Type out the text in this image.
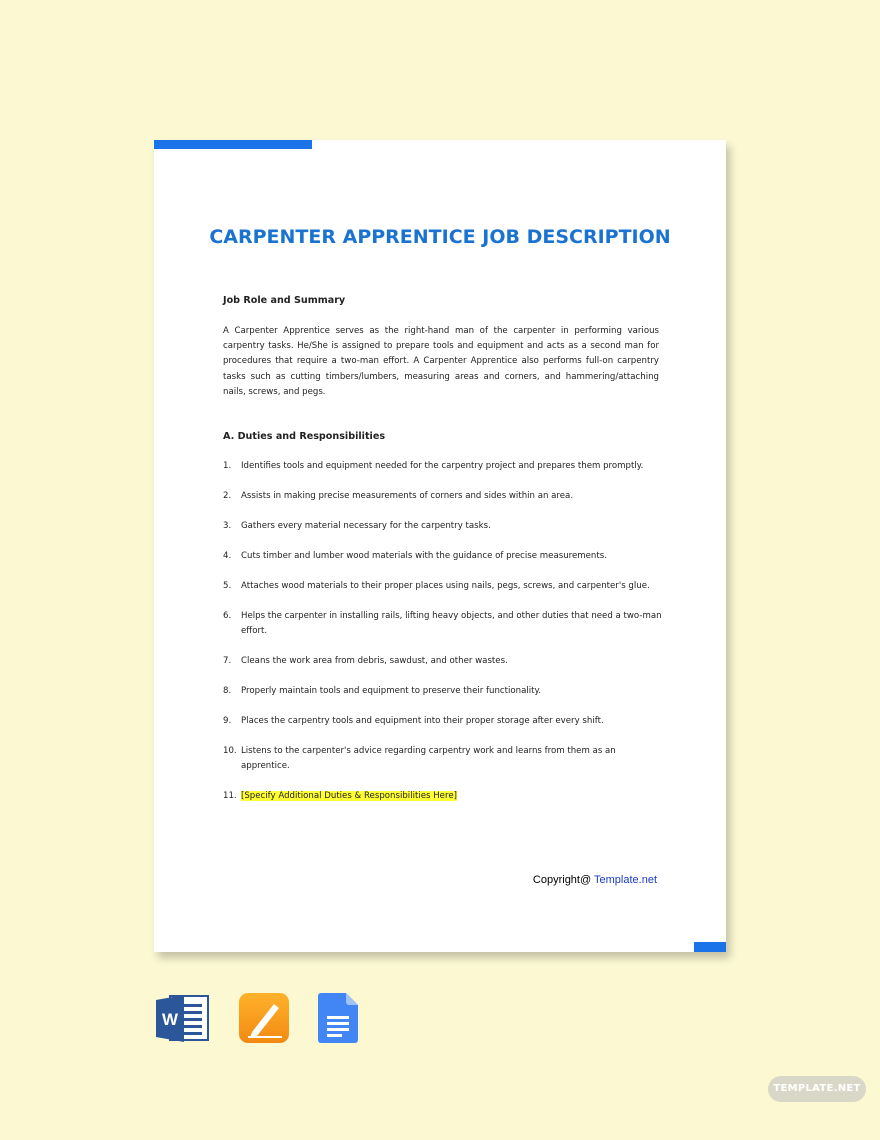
CARPENTER APPRENTICE JOB DESCRIPTION
Job Role and Summary

A Carpenter Apprentice serves as the right-hand man of the carpenter in performing various carpentry tasks. He/She is assigned to prepare tools and equipment and acts as a second man for procedures that require a two-man effort. A Carpenter Apprentice also performs full-on carpentry tasks such as cutting timbers/lumbers, measuring areas and corners, and hammering/attaching nails, screws, and pegs.

A. Duties and Responsibilities
1.	Identifies tools and equipment needed for the carpentry project and prepares them promptly.
2.	Assists in making precise measurements of corners and sides within an area.
3.	Gathers every material necessary for the carpentry tasks.
4.	Cuts timber and lumber wood materials with the guidance of precise measurements.
5.	Attaches wood materials to their proper places using nails, pegs, screws, and carpenter's glue.
6.	Helps the carpenter in installing rails, lifting heavy objects, and other duties that need a two-man effort.
7.	Cleans the work area from debris, sawdust, and other wastes.
8.	Properly maintain tools and equipment to preserve their functionality.
9.	Places the carpentry tools and equipment into their proper storage after every shift.
10. Listens to the carpenter's advice regarding carpentry work and learns from them as an apprentice.
11. [Specify Additional Duties & Responsibilities Here]
Copyright@ Template.net
W
TEMPLATE.NET
